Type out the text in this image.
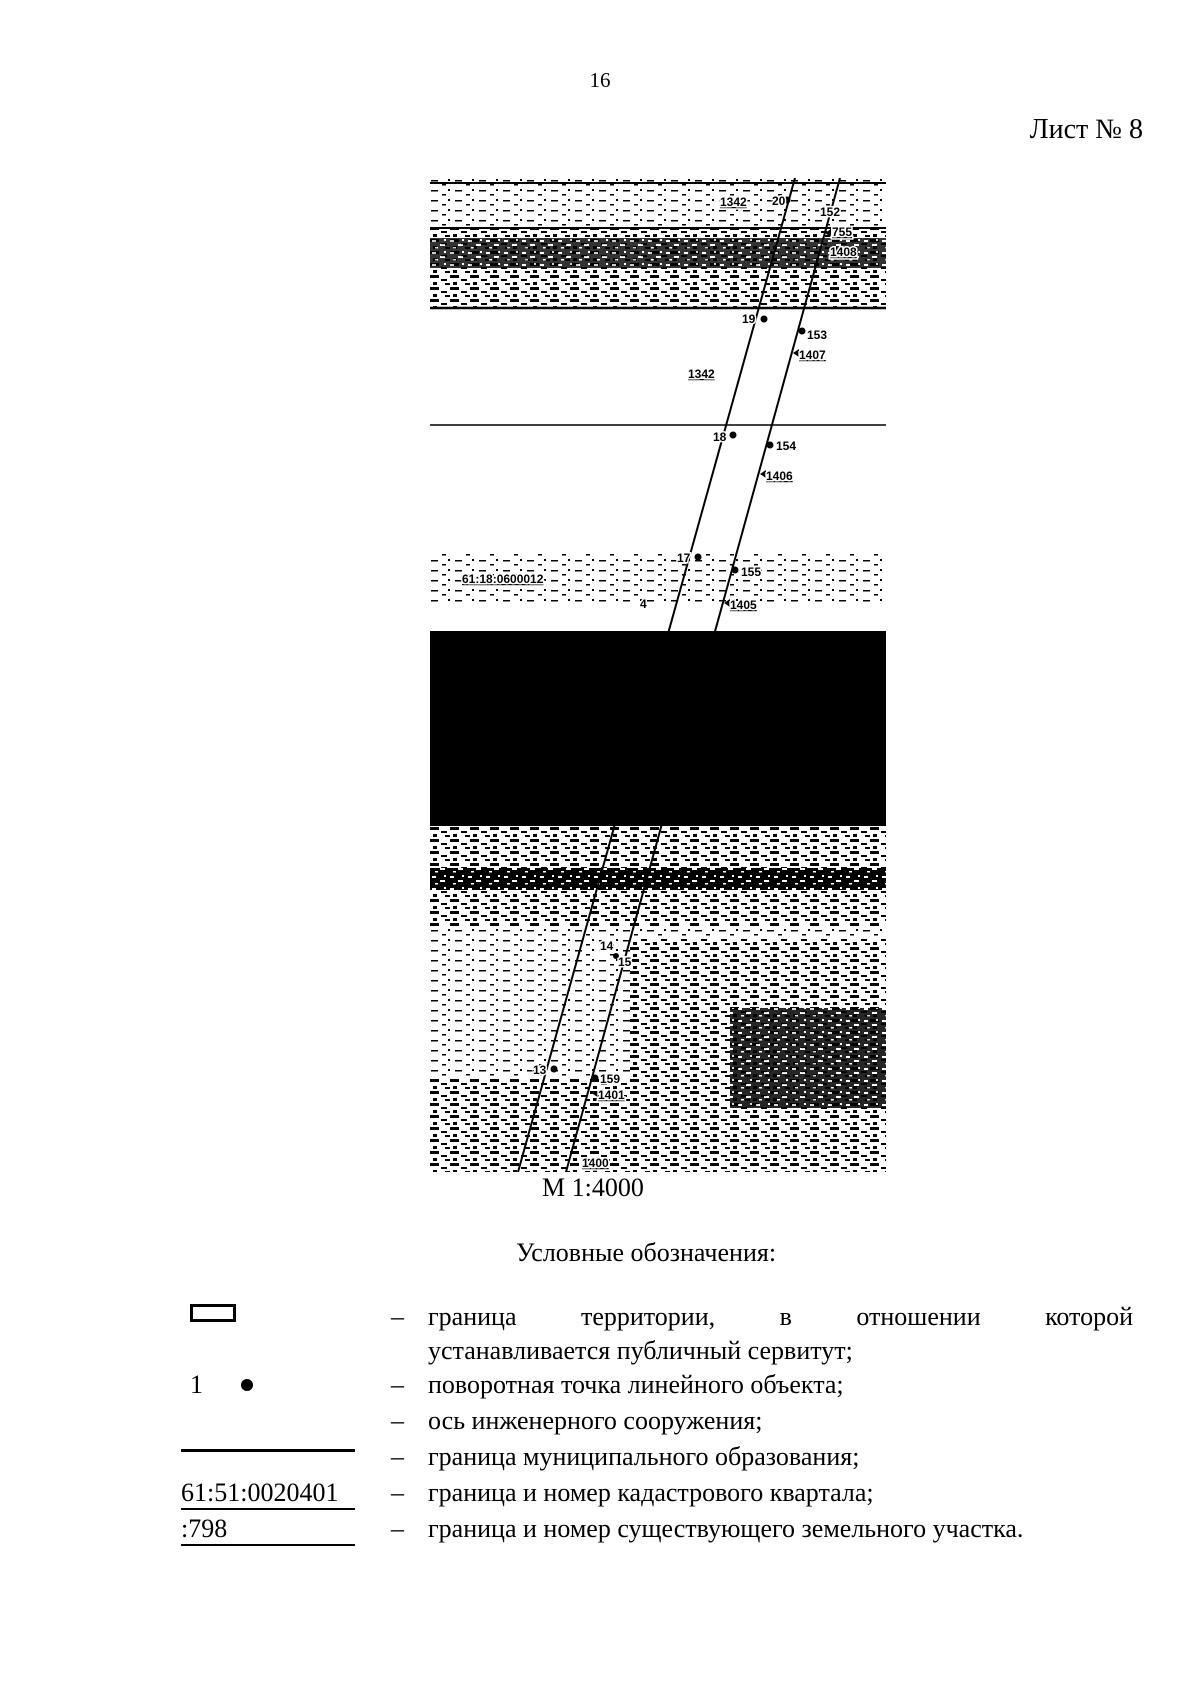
16
Лист № 8
20
152
755
1408
1342
19
153
1407
1342
18
154
1406
17
155
61:18:0600012
4	1405
14
15
13
159
1401
1400
М 1:4000
Условные обозначения:
– граница территории, в отношении которой
устанавливается публичный сервитут;
1	– поворотная точка линейного объекта;
– ось инженерного сооружения;
– граница муниципального образования;
61:51:0020401	– граница и номер кадастрового квартала;
:798	– граница и номер существующего земельного участка.
